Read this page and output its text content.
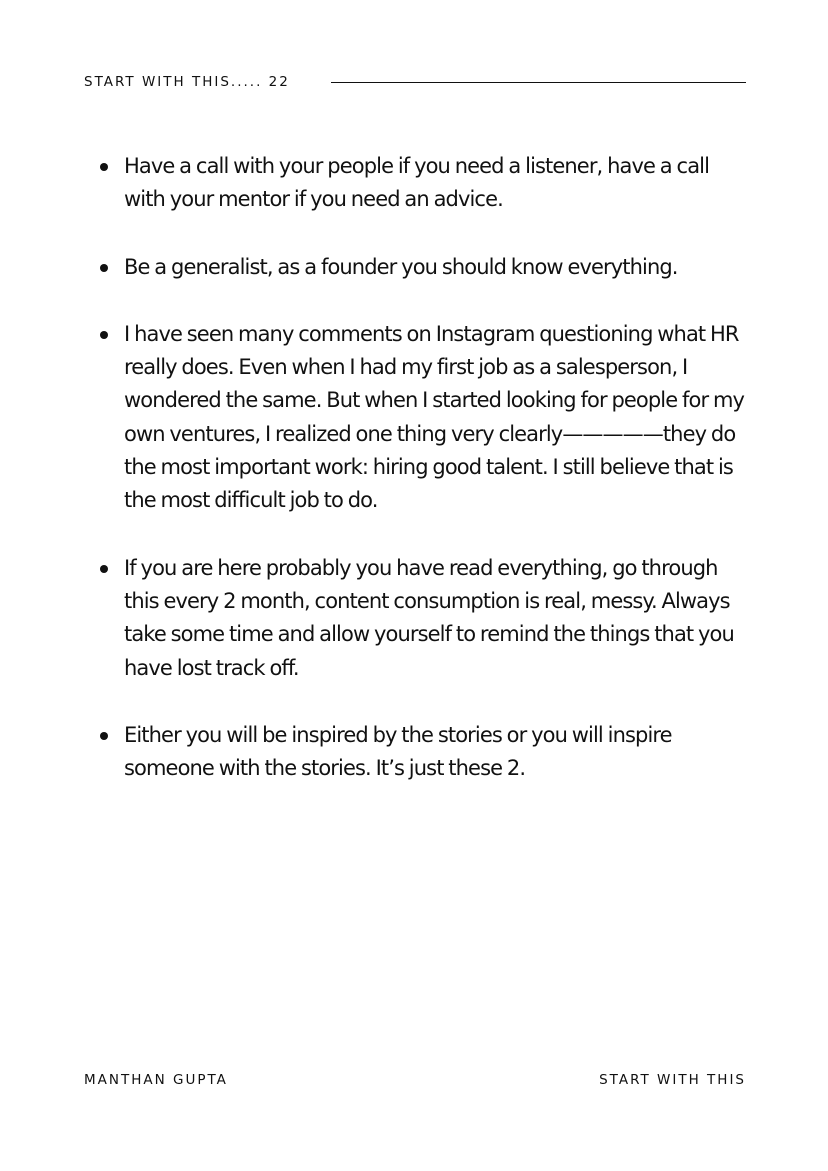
START WITH THIS..... 22
Have a call with your people if you need a listener, have a call with your mentor if you need an advice.
Be a generalist, as a founder you should know everything.
I have seen many comments on Instagram questioning what HR really does. Even when I had my first job as a salesperson, I wondered the same. But when I started looking for people for my own ventures, I realized one thing very clearly—————they do the most important work: hiring good talent. I still believe that is the most difficult job to do.
If you are here probably you have read everything, go through this every 2 month, content consumption is real, messy. Always take some time and allow yourself to remind the things that you have lost track off.
Either you will be inspired by the stories or you will inspire someone with the stories. It’s just these 2.
MANTHAN GUPTA	START WITH THIS
